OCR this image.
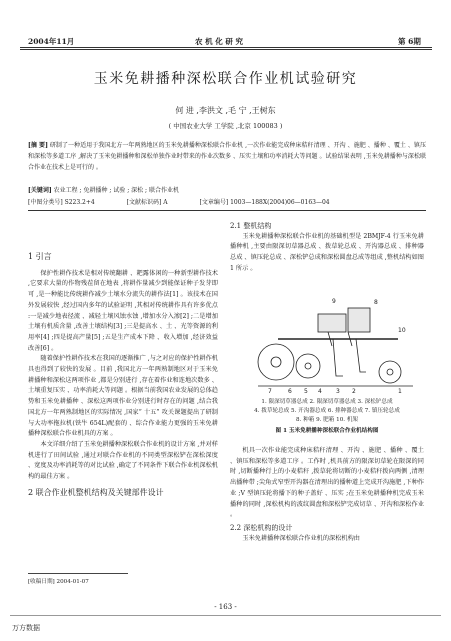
2004年11月	农 机 化 研 究	第 6期
玉米免耕播种深松联合作业机试验研究
何 进 ,李洪文 ,毛 宁 ,王树东
( 中国农业大学 工学院 ,北京 100083 )
[摘 要] 研制了一种适用于我国北方一年两熟地区的玉米免耕播种深松联合作业机 ,一次作业能完成种床秸秆清理 、开沟 、施肥 、播种 、覆土 、镇压和深松等多道工序 ,解决了玉米免耕播种和深松单独作业时带来的作业次数多 、压实土壤和功率消耗大等问题 。试验结果表明 ,玉米免耕播种与深松联合作业在技术上是可行的 。
[关键词] 农业工程 ; 免耕播种 ; 试验 ; 深松 ; 联合作业机
[中图分类号] S223.2+4	[文献标识码] A	[文章编号] 1003—188X(2004)06—0163—04
1 引言

保护性耕作技术是相对传统翻耕 、耙露体闲的一种新型耕作技术 ,它要求大量的作物残茬留在地表 ,将耕作量减少到能保证种子发芽即可 ,是一种能比传统耕作减少土壤水分流失的耕作法[1] 。该技术在国外发展较快 ,经过国内多年的试验证明 ,其相对传统耕作具有许多优点 :一是减少地表径流 、减轻土壤风蚀水蚀 ,增加水分入渗[2] ;二是增加土壤有机质含量 ,改善土壤结构[3] ;三是提高水 、土 、光等资源的利用率[4] ;四是提高产量[5] ;五是生产成本下降 、收入增加 ,经济效益改善[6] 。

随着保护性耕作技术在我国的逐渐推广 ,与之对应的保护性耕作机具也得到了较快的发展 。目前 ,我国北方一年两熟制地区对于玉米免耕播种和深松这两项作业 ,都是分别进行 ,存在着作业和连地次数多 、土壤重复压实 、功率消耗大等问题 。根据当前我国农业发展的总体趋势和玉米免耕播种 、深松这两项作业分别进行时存在的问题 ,结合我国北方一年两熟制地区的实际情况 ,国家“ 十五” 攻关课题提出了研制与大功率拖拉机(铁牛 654L)配套的 、综合作业能力更强的玉米免耕播种深松联合作业机具的方案 。

本文详细介绍了玉米免耕播种深松联合作业机的设计方案 ,并对样机进行了田间试验 ,通过对联合作业机的不同类型深松铲在深松深度 、宽度及功率消耗等的对比试验 ,确定了不同条件下联合作业机深松机构的最佳方案 。

2 联合作业机整机结构及关键部件设计
2.1 整机结构

玉米免耕播种深松联合作业机的基础机型是 2BMJF-4 行玉米免耕播种机 ,主要由限深切草器总成 、拨草轮总成 、开沟器总成 、排种器总成 、镇压轮总成 、深松铲总成和深松圆盘总成等组成 ,整机结构如图 1 所示 。

9	8
10
1
7	6 5 4 3 2
1. 限深切草器总成 2. 限深切草器总成 3. 深松铲总成
4. 拨草轮总成 5. 开沟器总成 6. 排种器总成 7. 镇压轮总成
8. 种箱 9. 肥箱 10. 机架
图 1 玉米免耕播种深松联合作业机结构图

机具一次作业能完成种床秸秆清理 、开沟 、施肥 、播种 、覆土 、镇压和深松等多道工序 。工作时 ,机具前方的限深切草轮在限深的同时 ,切断播种行上的小麦秸秆 ,拨草轮将切断的小麦秸秆拨向两侧 ,清理出播种带 ;尖角式窄型开沟器在清理出的播种道上完成开沟施肥 ,下种作业 ;V 型镇压轮将播下的种子盖好 、压实 ;在玉米免耕播种机完成玉米播种的同时 ,深松机构的波纹圆盘和深松铲完成切草 、开沟和深松作业 。

2.2 深松机构的设计

玉米免耕播种深松联合作业机的深松机构由

[收稿日期] 2004-01-07
- 163 -
万方数据
